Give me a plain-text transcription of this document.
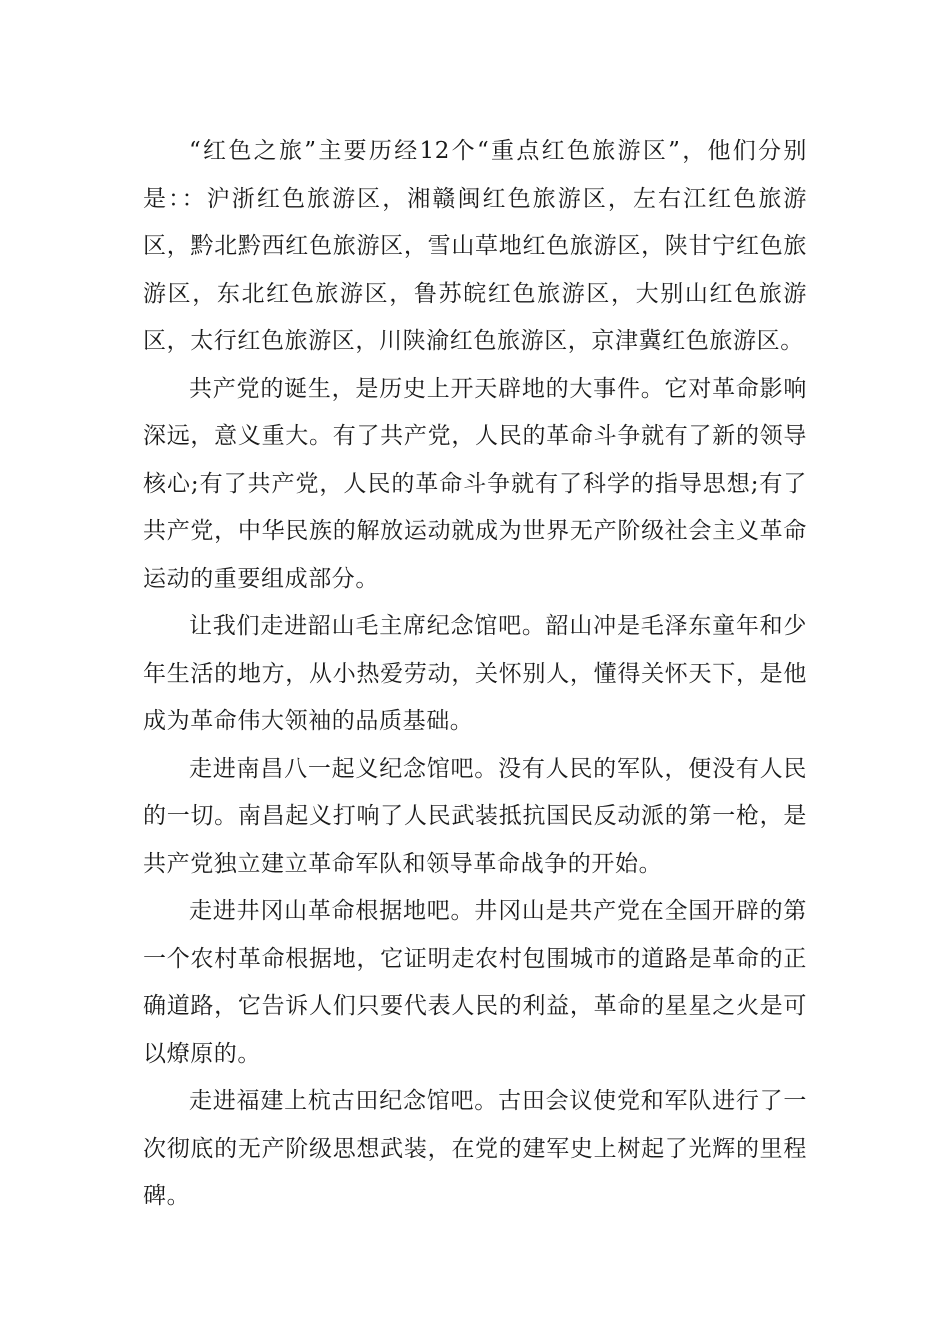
“红色之旅”主要历经12个“重点红色旅游区”，他们分别是：：沪浙红色旅游区，湘赣闽红色旅游区，左右江红色旅游区，黔北黔西红色旅游区，雪山草地红色旅游区，陕甘宁红色旅游区，东北红色旅游区，鲁苏皖红色旅游区，大别山红色旅游区，太行红色旅游区，川陕渝红色旅游区，京津冀红色旅游区。

共产党的诞生，是历史上开天辟地的大事件。它对革命影响深远，意义重大。有了共产党，人民的革命斗争就有了新的领导核心;有了共产党，人民的革命斗争就有了科学的指导思想;有了共产党，中华民族的解放运动就成为世界无产阶级社会主义革命运动的重要组成部分。

让我们走进韶山毛主席纪念馆吧。韶山冲是毛泽东童年和少年生活的地方，从小热爱劳动，关怀别人，懂得关怀天下，是他成为革命伟大领袖的品质基础。

走进南昌八一起义纪念馆吧。没有人民的军队，便没有人民的一切。南昌起义打响了人民武装抵抗国民反动派的第一枪，是共产党独立建立革命军队和领导革命战争的开始。

走进井冈山革命根据地吧。井冈山是共产党在全国开辟的第一个农村革命根据地，它证明走农村包围城市的道路是革命的正确道路，它告诉人们只要代表人民的利益，革命的星星之火是可以燎原的。

走进福建上杭古田纪念馆吧。古田会议使党和军队进行了一次彻底的无产阶级思想武装，在党的建军史上树起了光辉的里程碑。
